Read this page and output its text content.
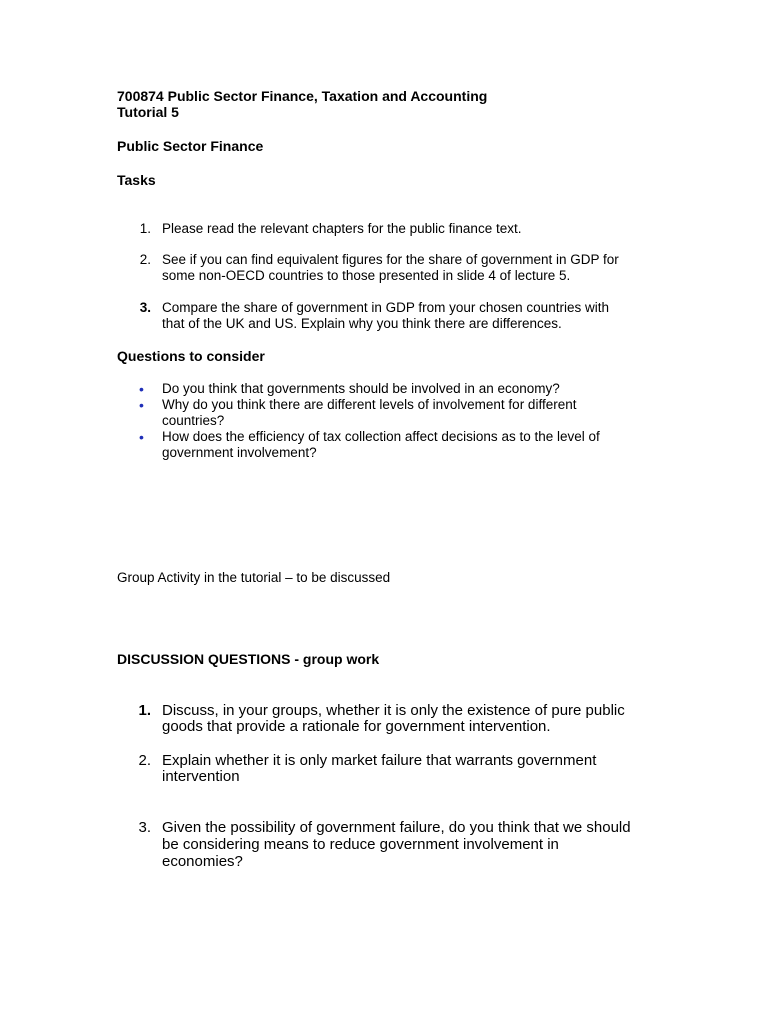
700874 Public Sector Finance, Taxation and Accounting

Tutorial 5

Public Sector Finance

Tasks

1. Please read the relevant chapters for the public finance text.

2. See if you can find equivalent figures for the share of government in GDP for

some non-OECD countries to those presented in slide 4 of lecture 5.

3. Compare the share of government in GDP from your chosen countries with

that of the UK and US. Explain why you think there are differences.

Questions to consider

• Do you think that governments should be involved in an economy?

• Why do you think there are different levels of involvement for different

countries?

• How does the efficiency of tax collection affect decisions as to the level of

government involvement?

Group Activity in the tutorial – to be discussed

DISCUSSION QUESTIONS - group work

1. Discuss, in your groups, whether it is only the existence of pure public

goods that provide a rationale for government intervention.

2. Explain whether it is only market failure that warrants government

intervention

3. Given the possibility of government failure, do you think that we should

be considering means to reduce government involvement in

economies?
